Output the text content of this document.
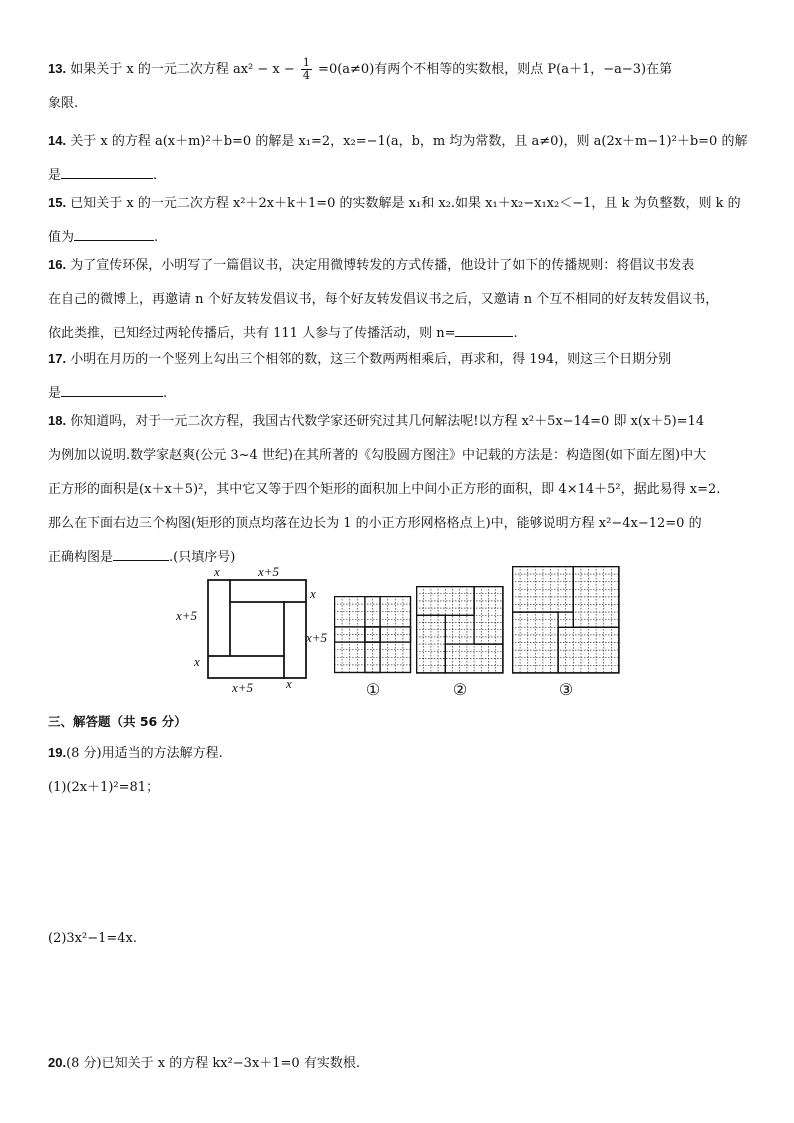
13. 如果关于 x 的一元二次方程 $ax^2 - x - \frac{1}{4} =0(a\ne 0)$有两个不相等的实数根，则点 P(a＋1，−a−3)在第
象限.
14. 关于 x 的方程 a(x＋m)²＋b=0 的解是 x₁=2，x₂=−1(a，b，m 均为常数，且 a≠0)，则 a(2x＋m−1)²＋b=0 的解
是	.
15. 已知关于 x 的一元二次方程 x²＋2x＋k＋1=0 的实数解是 x₁和 x₂.如果 x₁＋x₂−x₁x₂＜−1，且 k 为负整数，则 k 的
值为	.
16. 为了宣传环保，小明写了一篇倡议书，决定用微博转发的方式传播，他设计了如下的传播规则：将倡议书发表
在自己的微博上，再邀请 n 个好友转发倡议书，每个好友转发倡议书之后，又邀请 n 个互不相同的好友转发倡议书，
依此类推，已知经过两轮传播后，共有 111 人参与了传播活动，则 n=	.
17. 小明在月历的一个竖列上勾出三个相邻的数，这三个数两两相乘后，再求和，得 194，则这三个日期分别
是	.
18. 你知道吗，对于一元二次方程，我国古代数学家还研究过其几何解法呢!以方程 x²＋5x−14=0 即 x(x＋5)=14
为例加以说明.数学家赵爽(公元 3~4 世纪)在其所著的《勾股圆方图注》中记载的方法是：构造图(如下面左图)中大
正方形的面积是(x＋x＋5)²，其中它又等于四个矩形的面积加上中间小正方形的面积，即 4×14＋5²，据此易得 x=2.
那么在下面右边三个构图(矩形的顶点均落在边长为 1 的小正方形网格格点上)中，能够说明方程 x²−4x−12=0 的
正确构图是	.(只填序号)
x	x+5
x
x+5
x+5
x
x+5	x	①	②	③
三、解答题（共 56 分）
19.(8 分)用适当的方法解方程.
(1)(2x＋1)²=81；
(2)3x²−1=4x.
20.(8 分)已知关于 x 的方程 kx²−3x＋1=0 有实数根.
